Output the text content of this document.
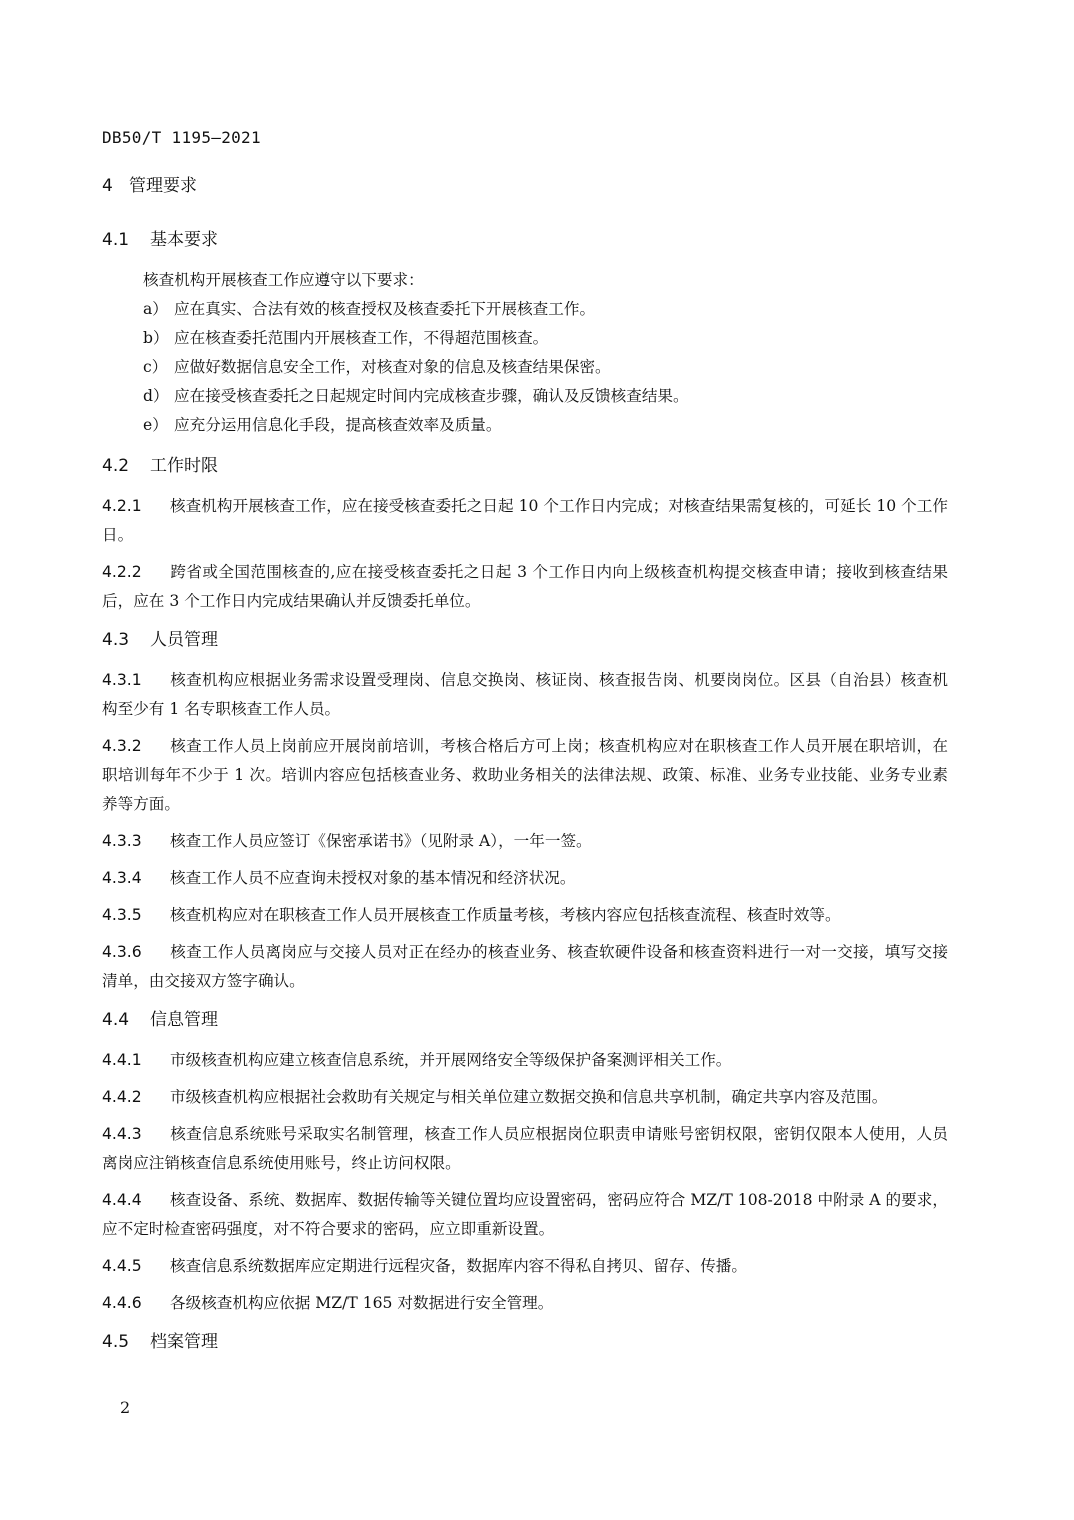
DB50/T 1195—2021
4 管理要求
4.1 基本要求

核查机构开展核查工作应遵守以下要求：

a） 应在真实、合法有效的核查授权及核查委托下开展核查工作。
b） 应在核查委托范围内开展核查工作，不得超范围核查。
c） 应做好数据信息安全工作，对核查对象的信息及核查结果保密。
d） 应在接受核查委托之日起规定时间内完成核查步骤，确认及反馈核查结果。
e） 应充分运用信息化手段，提高核查效率及质量。
4.2 工作时限

4.2.1 核查机构开展核查工作，应在接受核查委托之日起 10 个工作日内完成；对核查结果需复核的，可延长 10 个工作日。

4.2.2 跨省或全国范围核查的,应在接受核查委托之日起 3 个工作日内向上级核查机构提交核查申请；接收到核查结果后，应在 3 个工作日内完成结果确认并反馈委托单位。

4.3 人员管理

4.3.1 核查机构应根据业务需求设置受理岗、信息交换岗、核证岗、核查报告岗、机要岗岗位。区县（自治县）核查机构至少有 1 名专职核查工作人员。

4.3.2 核查工作人员上岗前应开展岗前培训，考核合格后方可上岗；核查机构应对在职核查工作人员开展在职培训，在职培训每年不少于 1 次。培训内容应包括核查业务、救助业务相关的法律法规、政策、标准、业务专业技能、业务专业素养等方面。

4.3.3 核查工作人员应签订《保密承诺书》（见附录 A），一年一签。

4.3.4 核查工作人员不应查询未授权对象的基本情况和经济状况。

4.3.5 核查机构应对在职核查工作人员开展核查工作质量考核，考核内容应包括核查流程、核查时效等。

4.3.6 核查工作人员离岗应与交接人员对正在经办的核查业务、核查软硬件设备和核查资料进行一对一交接，填写交接清单，由交接双方签字确认。

4.4 信息管理

4.4.1 市级核查机构应建立核查信息系统，并开展网络安全等级保护备案测评相关工作。

4.4.2 市级核查机构应根据社会救助有关规定与相关单位建立数据交换和信息共享机制，确定共享内容及范围。

4.4.3 核查信息系统账号采取实名制管理，核查工作人员应根据岗位职责申请账号密钥权限，密钥仅限本人使用，人员离岗应注销核查信息系统使用账号，终止访问权限。

4.4.4 核查设备、系统、数据库、数据传输等关键位置均应设置密码，密码应符合 MZ/T 108-2018 中附录 A 的要求，应不定时检查密码强度，对不符合要求的密码，应立即重新设置。

4.4.5 核查信息系统数据库应定期进行远程灾备，数据库内容不得私自拷贝、留存、传播。

4.4.6 各级核查机构应依据 MZ/T 165 对数据进行安全管理。

4.5 档案管理
2
